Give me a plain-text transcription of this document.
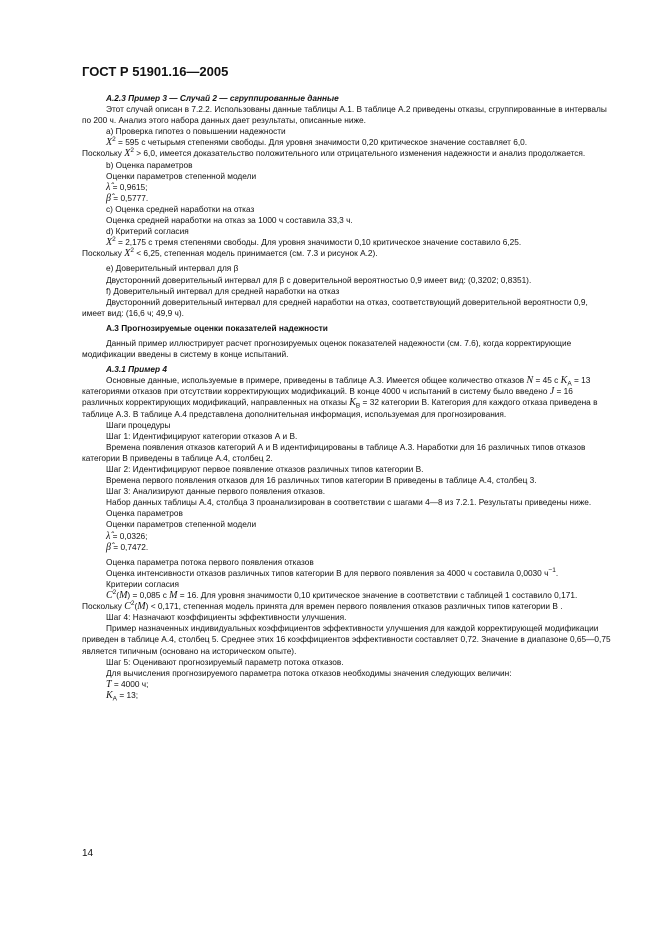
ГОСТ Р 51901.16—2005

А.2.3 Пример 3 — Случай 2 — сгруппированные данные

Этот случай описан в 7.2.2. Использованы данные таблицы А.1. В таблице А.2 приведены отказы, сгруппированные в интервалы по 200 ч. Анализ этого набора данных дает результаты, описанные ниже.

а) Проверка гипотез о повышении надежности

$X^2 = 595$ с четырьмя степенями свободы. Для уровня значимости 0,20 критическое значение составляет 6,0.

Поскольку $X^2 > 6,0$, имеется доказательство положительного или отрицательного изменения надежности и анализ продолжается.

b) Оценка параметров

Оценки параметров степенной модели

λ̂ = 0,9615;

β̂ = 0,5777.

с) Оценка средней наработки на отказ

Оценка средней наработки на отказ за 1000 ч составила 33,3 ч.

d) Критерий согласия

$X^2 = 2,175$ с тремя степенями свободы. Для уровня значимости 0,10 критическое значение составило 6,25.

Поскольку $X^2 < 6,25$, степенная модель принимается (см. 7.3 и рисунок А.2).

е) Доверительный интервал для β

Двусторонний доверительный интервал для β с доверительной вероятностью 0,9 имеет вид: (0,3202; 0,8351).

f) Доверительный интервал для средней наработки на отказ

Двусторонний доверительный интервал для средней наработки на отказ, соответствующий доверительной вероятности 0,9, имеет вид: (16,6 ч; 49,9 ч).

А.3 Прогнозируемые оценки показателей надежности

Данный пример иллюстрирует расчет прогнозируемых оценок показателей надежности (см. 7.6), когда корректирующие модификации введены в систему в конце испытаний.

А.3.1 Пример 4

Основные данные, используемые в примере, приведены в таблице А.3. Имеется общее количество отказов N = 45 с $K_A = 13$ категориями отказов при отсутствии корректирующих модификаций. В конце 4000 ч испытаний в систему было введено J = 16 различных корректирующих модификаций, направленных на отказы $K_B = 32$ категории В. Категория для каждого отказа приведена в таблице А.3. В таблице А.4 представлена дополнительная информация, используемая для прогнозирования.

Шаги процедуры

Шаг 1: Идентифицируют категории отказов А и В.

Времена появления отказов категорий А и В идентифицированы в таблице А.3. Наработки для 16 различных типов отказов категории В приведены в таблице А.4, столбец 2.

Шаг 2: Идентифицируют первое появление отказов различных типов категории В.

Времена первого появления отказов для 16 различных типов категории В приведены в таблице А.4, столбец 3.

Шаг 3: Анализируют данные первого появления отказов.

Набор данных таблицы А.4, столбца 3 проанализирован в соответствии с шагами 4—8 из 7.2.1. Результаты приведены ниже.

Оценка параметров

Оценки параметров степенной модели

λ̂ = 0,0326;

β̂ = 0,7472.

Оценка параметра потока первого появления отказов

Оценка интенсивности отказов различных типов категории В для первого появления за 4000 ч составила 0,0030 $ч^{-1}$.

Критерии согласия

$C^2(M) = 0,085$ с M = 16. Для уровня значимости 0,10 критическое значение в соответствии с таблицей 1 составило 0,171. Поскольку $C^2(M) < 0,171$, степенная модель принята для времен первого появления отказов различных типов категории В .

Шаг 4: Назначают коэффициенты эффективности улучшения.

Пример назначенных индивидуальных коэффициентов эффективности улучшения для каждой корректирующей модификации приведен в таблице А.4, столбец 5. Среднее этих 16 коэффициентов эффективности составляет 0,72. Значение в диапазоне 0,65—0,75 является типичным (основано на историческом опыте).

Шаг 5: Оценивают прогнозируемый параметр потока отказов.

Для вычисления прогнозируемого параметра потока отказов необходимы значения следующих величин:

T = 4000 ч;

$K_A = 13$;

14
